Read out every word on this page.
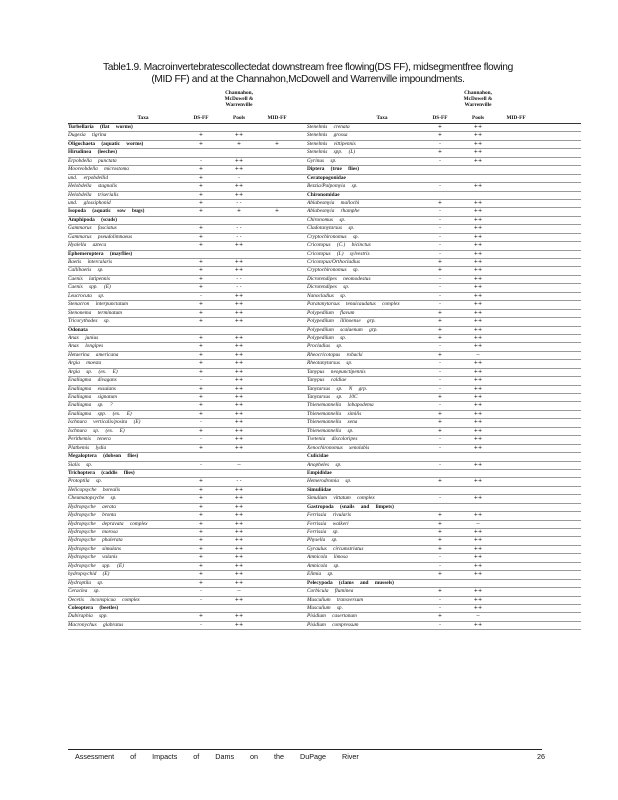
Table1.9. Macroinvertebratescollectedat downstream free flowing(DS FF), midsegmentfree flowing
(MID FF) and at the Channahon,McDowell and Warrenville impoundments.
Channahon,
McDowell &
Warrenville
Taxa	DS-FF	Pools	MID-FF
Turbellaria (flat worms)
Dugesia tigrina	+	++
Oligochaeta (aquatic worms)	+	+	+
Hirudinea (leeches)
Erpobdella punctata	-	++
Mooreobdella microstoma	+	++
und. erpobdellid	+	-
Helobdella stagnalis	+	++
Helobdella triserialis	+	++
und. glossiphonid	+	- -
Isopoda (aquatic sow bugs)	+	+	+
Amphipoda (scuds)
Gammarus fasciatus	+	- -
Gammarus pseudolimnaeus	+	- -
Hyalella azteca	+	++
Ephemeroptera (mayflies)
Baetis intercalaris	+	++
Callibaetis sp.	+	++
Caenis latipennis	+	- -
Caenis spp. (E)	+	- -
Leucrocuta sp.	-	++
Stenacron interpunctatum	+	++
Stenonema terminatum	+	++
Tricorythodes sp.	+	++
Odonata
Anax junius	+	++
Anax longipes	+	++
Hetaerina americana	+	++
Argia moesta	+	++
Argia sp. (ex. E)	+	++
Enallagma divagans	-	++
Enallagma exsulans	+	++
Enallagma signatum	+	++
Enallagma sp. ?	+	++
Enallagma spp. (ex. E)	+	++
Ischnura verticalis/posita (E)	-	++
Ischnura sp. (ex. E)	+	++
Perithemis tenera	-	++
Plathemis lydia	+	++
Megaloptera (dobson flies)
Sialis sp.	-	--
Trichoptera (caddis flies)
Protoptila sp.	+	- -
Helicopsyche borealis	+	++
Cheumatopsyche sp.	+	++
Hydropsyche aerata	+	++
Hydropsyche bronta	+	++
Hydropsyche depravata complex	+	++
Hydropsyche morosa	+	++
Hydropsyche phalerata	+	++
Hydropsyche simulans	+	++
Hydropsyche valanis	+	++
Hydropsyche spp. (E)	+	++
hydropsychid (E)	+	++
Hydroptila sp.	+	++
Ceraclea sp.	-	--
Oecetis inconspicua complex	-	++
Coleoptera (beetles)
Dubiraphia spp.	+	++
Macronychus glabratus	-	++
Channahon,
McDowell &
Warrenville
Taxa	DS-FF	Pools	MID-FF
Stenelmis crenata	+	++
Stenelmis grossa	+	++
Stenelmis vittipennis	-	++
Stenelmis spp. (L)	+	++
Gyrinus sp.	-	++
Diptera (true flies)
Ceratopogonidae
Bezzia/Palpomyia sp.	-	++
Chironomidae
Ablabesmyia mallochi	+	++
Ablabesmyia rhamphe	-	++
Chironomus sp.	-	++
Cladotanytarsus sp.	-	++
Cryptochironomus sp.	-	++
Cricotopus (C.) bicinctus	-	++
Cricotopus (I.) sylvestris	-	++
Cricotopus/Orthocladius	+	++
Cryptochironomus sp.	+	++
Dicrotendipes neomodestus	-	++
Dicrotendipes sp.	-	++
Nanocladius sp.	-	++
Paratanytarsus tenuicaudatus complex	-	++
Polypedilum flavum	+	++
Polypedilum illinoense grp.	+	++
Polypedilum scalaenum grp.	+	++
Polypedilum sp.	+	++
Procladius sp.	-	++
Rheocricotopus robacki	+	--
Rheotanytarsus sp.	-	++
Tanypus neopunctipennis	-	++
Tanypus caldiae	-	++
Tanytarsus sp. N grp.	-	++
Tanytarsus sp. 10C	+	++
Thienemannella lobapodema	-	++
Thienemannella similis	+	++
Thienemannella xena	+	++
Thienemannella sp.	+	++
Tvetenia discoloripes	-	++
Xenochironomus xenolabis	-	++
Culicidae
Anopheles sp.	-	++
Empididae
Hemerodromia sp.	+	++
Simuliidae
Simulium vittatum complex	-	++
Gastropoda (snails and limpets)
Ferrissia rivularis	+	++
Ferrissia walkeri	+	--
Ferrissia sp.	+	++
Physella sp.	+	++
Gyraulus circumstriatus	+	++
Amnicola limosa	-	++
Amnicola sp.	-	++
Elimia sp.	+	++
Pelecypoda (clams and mussels)
Corbicula fluminea	+	++
Musculium transversum	-	++
Musculium sp.	-	++
Pisidium casertanum	+	--
Pisidium compressum	-	++
Assessment of Impacts of Dams on the DuPage River	26
